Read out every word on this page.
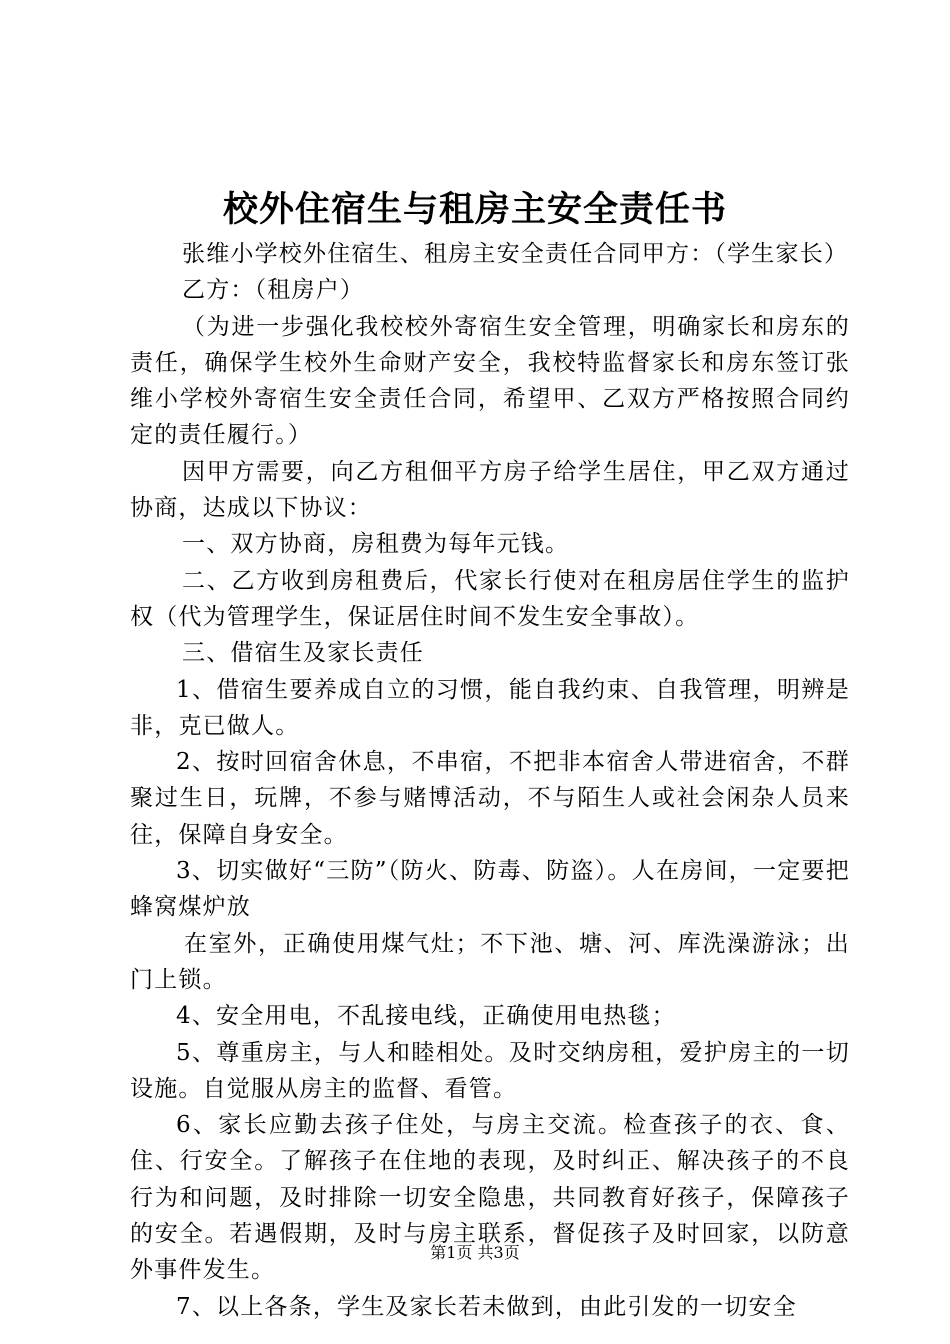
校外住宿生与租房主安全责任书

张维小学校外住宿生、租房主安全责任合同甲方：（学生家长）

乙方：（租房户）

（为进一步强化我校校外寄宿生安全管理，明确家长和房东的责任，确保学生校外生命财产安全，我校特监督家长和房东签订张维小学校外寄宿生安全责任合同，希望甲、乙双方严格按照合同约定的责任履行。）

因甲方需要，向乙方租佃平方房子给学生居住，甲乙双方通过协商，达成以下协议：

一、双方协商，房租费为每年元钱。

二、乙方收到房租费后，代家长行使对在租房居住学生的监护权（代为管理学生，保证居住时间不发生安全事故）。

三、借宿生及家长责任

1、借宿生要养成自立的习惯，能自我约束、自我管理，明辨是非，克已做人。

2、按时回宿舍休息，不串宿，不把非本宿舍人带进宿舍，不群聚过生日，玩牌，不参与赌博活动，不与陌生人或社会闲杂人员来往，保障自身安全。

3、切实做好“三防”（防火、防毒、防盗）。人在房间，一定要把蜂窝煤炉放

在室外，正确使用煤气灶；不下池、塘、河、库洗澡游泳；出门上锁。

4、安全用电，不乱接电线，正确使用电热毯；

5、尊重房主，与人和睦相处。及时交纳房租，爱护房主的一切设施。自觉服从房主的监督、看管。

6、家长应勤去孩子住处，与房主交流。检查孩子的衣、食、住、行安全。了解孩子在住地的表现，及时纠正、解决孩子的不良行为和问题，及时排除一切安全隐患，共同教育好孩子，保障孩子的安全。若遇假期，及时与房主联系，督促孩子及时回家，以防意外事件发生。

7、以上各条，学生及家长若未做到，由此引发的一切安全

第1页 共3页
